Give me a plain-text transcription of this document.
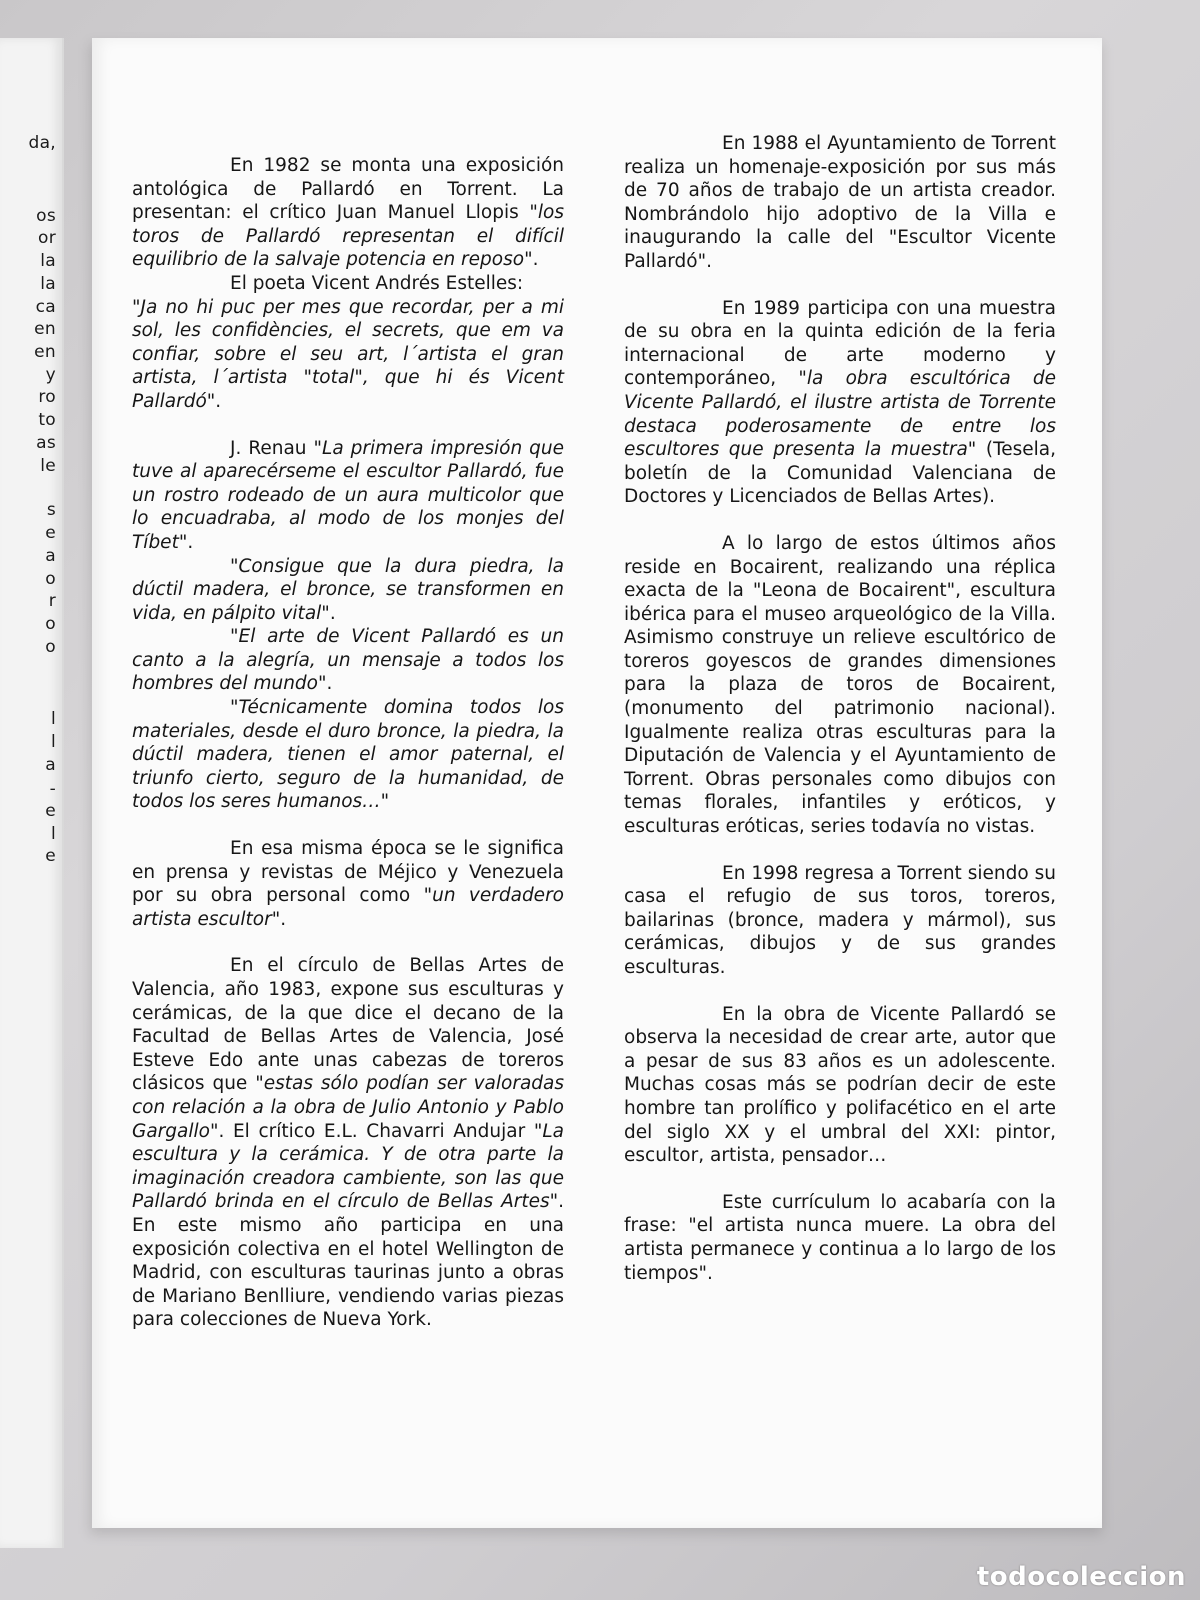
da,
os
or
la
la
ca
en
en
y
ro
to
as
le
s
e
a
o
r
o
o
l
l
a
-
e
l
e

En 1982 se monta una exposición antológica de Pallardó en Torrent. La presentan: el crítico Juan Manuel Llopis "los toros de Pallardó representan el difícil equilibrio de la salvaje potencia en reposo".

El poeta Vicent Andrés Estelles:

"Ja no hi puc per mes que recordar, per a mi sol, les confidències, el secrets, que em va confiar, sobre el seu art, l´artista el gran artista, l´artista "total", que hi és Vicent Pallardó".

J. Renau "La primera impresión que tuve al aparecérseme el escultor Pallardó, fue un rostro rodeado de un aura multicolor que lo encuadraba, al modo de los monjes del Tíbet".

"Consigue que la dura piedra, la dúctil madera, el bronce, se transformen en vida, en pálpito vital".

"El arte de Vicent Pallardó es un canto a la alegría, un mensaje a todos los hombres del mundo".

"Técnicamente domina todos los materiales, desde el duro bronce, la piedra, la dúctil madera, tienen el amor paternal, el triunfo cierto, seguro de la humanidad, de todos los seres humanos…"

En esa misma época se le significa en prensa y revistas de Méjico y Venezuela por su obra personal como "un verdadero artista escultor".

En el círculo de Bellas Artes de Valencia, año 1983, expone sus esculturas y cerámicas, de la que dice el decano de la Facultad de Bellas Artes de Valencia, José Esteve Edo ante unas cabezas de toreros clásicos que "estas sólo podían ser valoradas con relación a la obra de Julio Antonio y Pablo Gargallo". El crítico E.L. Chavarri Andujar "La escultura y la cerámica. Y de otra parte la imaginación creadora cambiente, son las que Pallardó brinda en el círculo de Bellas Artes". En este mismo año participa en una exposición colectiva en el hotel Wellington de Madrid, con esculturas taurinas junto a obras de Mariano Benlliure, vendiendo varias piezas para colecciones de Nueva York.

En 1988 el Ayuntamiento de Torrent realiza un homenaje-exposición por sus más de 70 años de trabajo de un artista creador. Nombrándolo hijo adoptivo de la Villa e inaugurando la calle del "Escultor Vicente Pallardó".

En 1989 participa con una muestra de su obra en la quinta edición de la feria internacional de arte moderno y contemporáneo, "la obra escultórica de Vicente Pallardó, el ilustre artista de Torrente destaca poderosamente de entre los escultores que presenta la muestra" (Tesela, boletín de la Comunidad Valenciana de Doctores y Licenciados de Bellas Artes).

A lo largo de estos últimos años reside en Bocairent, realizando una réplica exacta de la "Leona de Bocairent", escultura ibérica para el museo arqueológico de la Villa. Asimismo construye un relieve escultórico de toreros goyescos de grandes dimensiones para la plaza de toros de Bocairent, (monumento del patrimonio nacional). Igualmente realiza otras esculturas para la Diputación de Valencia y el Ayuntamiento de Torrent. Obras personales como dibujos con temas florales, infantiles y eróticos, y esculturas eróticas, series todavía no vistas.

En 1998 regresa a Torrent siendo su casa el refugio de sus toros, toreros, bailarinas (bronce, madera y mármol), sus cerámicas, dibujos y de sus grandes esculturas.

En la obra de Vicente Pallardó se observa la necesidad de crear arte, autor que a pesar de sus 83 años es un adolescente. Muchas cosas más se podrían decir de este hombre tan prolífico y polifacético en el arte del siglo XX y el umbral del XXI: pintor, escultor, artista, pensador…

Este currículum lo acabaría con la frase: "el artista nunca muere. La obra del artista permanece y continua a lo largo de los tiempos".

todocoleccion
